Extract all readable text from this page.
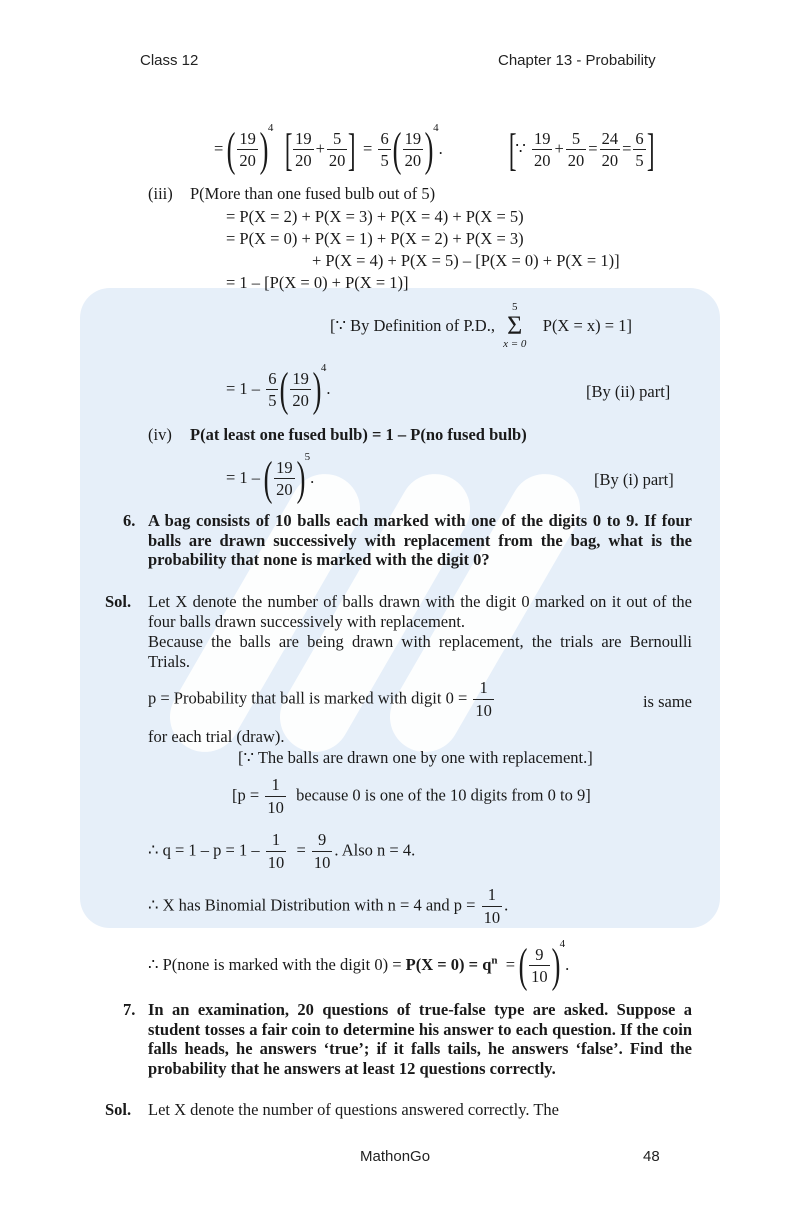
Class 12	Chapter 13 - Probability
= ( $\frac{19}{20} )^4$ [ $\frac{19}{20} + \frac{5}{20}$ ]  = $\frac{6}{5}$ ( $\frac{19}{20} )^4$. [∵ $\frac{19}{20} + \frac{5}{20} = \frac{24}{20} = \frac{6}{5}$ ]
(iii) P(More than one fused bulb out of 5)
= P(X = 2) + P(X = 3) + P(X = 4) + P(X = 5)
= P(X = 0) + P(X = 1) + P(X = 2) + P(X = 3)
+ P(X = 4) + P(X = 5) – [P(X = 0) + P(X = 1)]
= 1 – [P(X = 0) + P(X = 1)]
[∵ By Definition of P.D.,
5
Σ
x = 0
P(X = x) = 1]
= $1 - \frac{6}{5}$ ( $\frac{19}{20} )^4$.	[By (ii) part]
(iv) P(at least one fused bulb) = 1 – P(no fused bulb)
= 1 – ( $\frac{19}{20} )^5$.	[By (i) part]
6. A bag consists of 10 balls each marked with one of the digits 0 to 9. If four balls are drawn successively with replacement from the bag, what is the probability that none is marked with the digit 0?
Sol. Let X denote the number of balls drawn with the digit 0 marked on it out of the four balls drawn successively with replacement.
Because the balls are being drawn with replacement, the trials are Bernoulli Trials.
p = Probability that ball is marked with digit $0 = \frac{1}{10}$	is same
for each trial (draw).
[∵ The balls are drawn one by one with replacement.]
[$p = \frac{1}{10}$ because 0 is one of the 10 digits from 0 to 9]
∴ $q = 1 - p = 1 - \frac{1}{10} = \frac{9}{10}$ . Also n = 4.
∴ X has Binomial Distribution with n = 4 and $p = \frac{1}{10}$ .
∴ P(none is marked with the digit $0) = P(X = 0) = q^n$  = ( $\frac{9}{10} )^4$.
7. In an examination, 20 questions of true-false type are asked. Suppose a student tosses a fair coin to determine his answer to each question. If the coin falls heads, he answers ‘true’; if it falls tails, he answers ‘false’. Find the probability that he answers at least 12 questions correctly.
Sol. Let X denote the number of questions answered correctly. The
MathonGo	48
